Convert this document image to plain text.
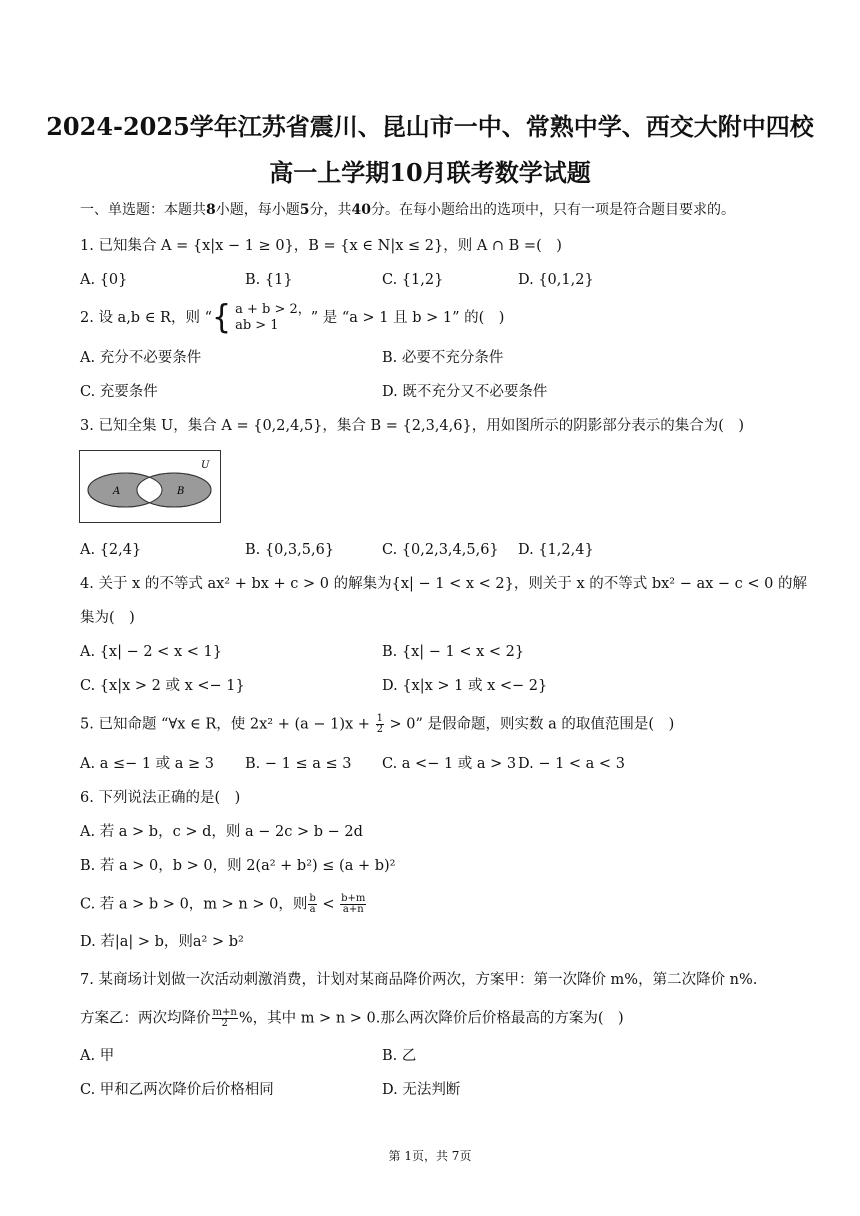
2024-2025学年江苏省震川、昆山市一中、常熟中学、西交大附中四校
高一上学期10月联考数学试题
一、单选题：本题共8小题，每小题5分，共40分。在每小题给出的选项中，只有一项是符合题目要求的。
1. 已知集合 A = {x|x − 1 ≥ 0}，B = {x ∈ N|x ≤ 2}，则 A ∩ B =(　)
A. {0}	B. {1}	C. {1,2}	D. {0,1,2}
2. 设 a,b ∈ R，则 “{ a + b > 2，
ab > 1	” 是 “a > 1 且 b > 1” 的(　)
A. 充分不必要条件	B. 必要不充分条件
C. 充要条件	D. 既不充分又不必要条件
3. 已知全集 U，集合 A = {0,2,4,5}，集合 B = {2,3,4,6}，用如图所示的阴影部分表示的集合为(　)
U
A	B
A. {2,4}	B. {0,3,5,6}	C. {0,2,3,4,5,6} D. {1,2,4}
4. 关于 x 的不等式 ax² + bx + c > 0 的解集为{x| − 1 < x < 2}，则关于 x 的不等式 bx² − ax − c < 0 的解
集为(　)
A. {x| − 2 < x < 1}	B. {x| − 1 < x < 2}
C. {x|x > 2 或 x <− 1}	D. {x|x > 1 或 x <− 2}
5. 已知命题 “∀x ∈ R，使 $2x^2 + (a - 1)x + \frac{1}{2} > 0$” 是假命题，则实数 a 的取值范围是(　)
A. a ≤− 1 或 a ≥ 3 B. − 1 ≤ a ≤ 3 C. a <− 1 或 a > 3 D. − 1 < a < 3
6. 下列说法正确的是(　)
A. 若 a > b，c > d，则 a − 2c > b − 2d
B. 若 a > 0，b > 0，则 2(a² + b²) ≤ (a + b)²
C. 若 a > b > 0，m > n > 0，则 $\frac{b}{a} < \frac{b+m}{a+n}$
D. 若|a| > b，则a² > b²
7. 某商场计划做一次活动刺激消费，计划对某商品降价两次，方案甲：第一次降价 m%，第二次降价 n%.
方案乙：两次均降价 $\frac{m+n}{2}$ %，其中 m > n > 0.那么两次降价后价格最高的方案为(　)
A. 甲	B. 乙
C. 甲和乙两次降价后价格相同	D. 无法判断
第 1页，共 7页
